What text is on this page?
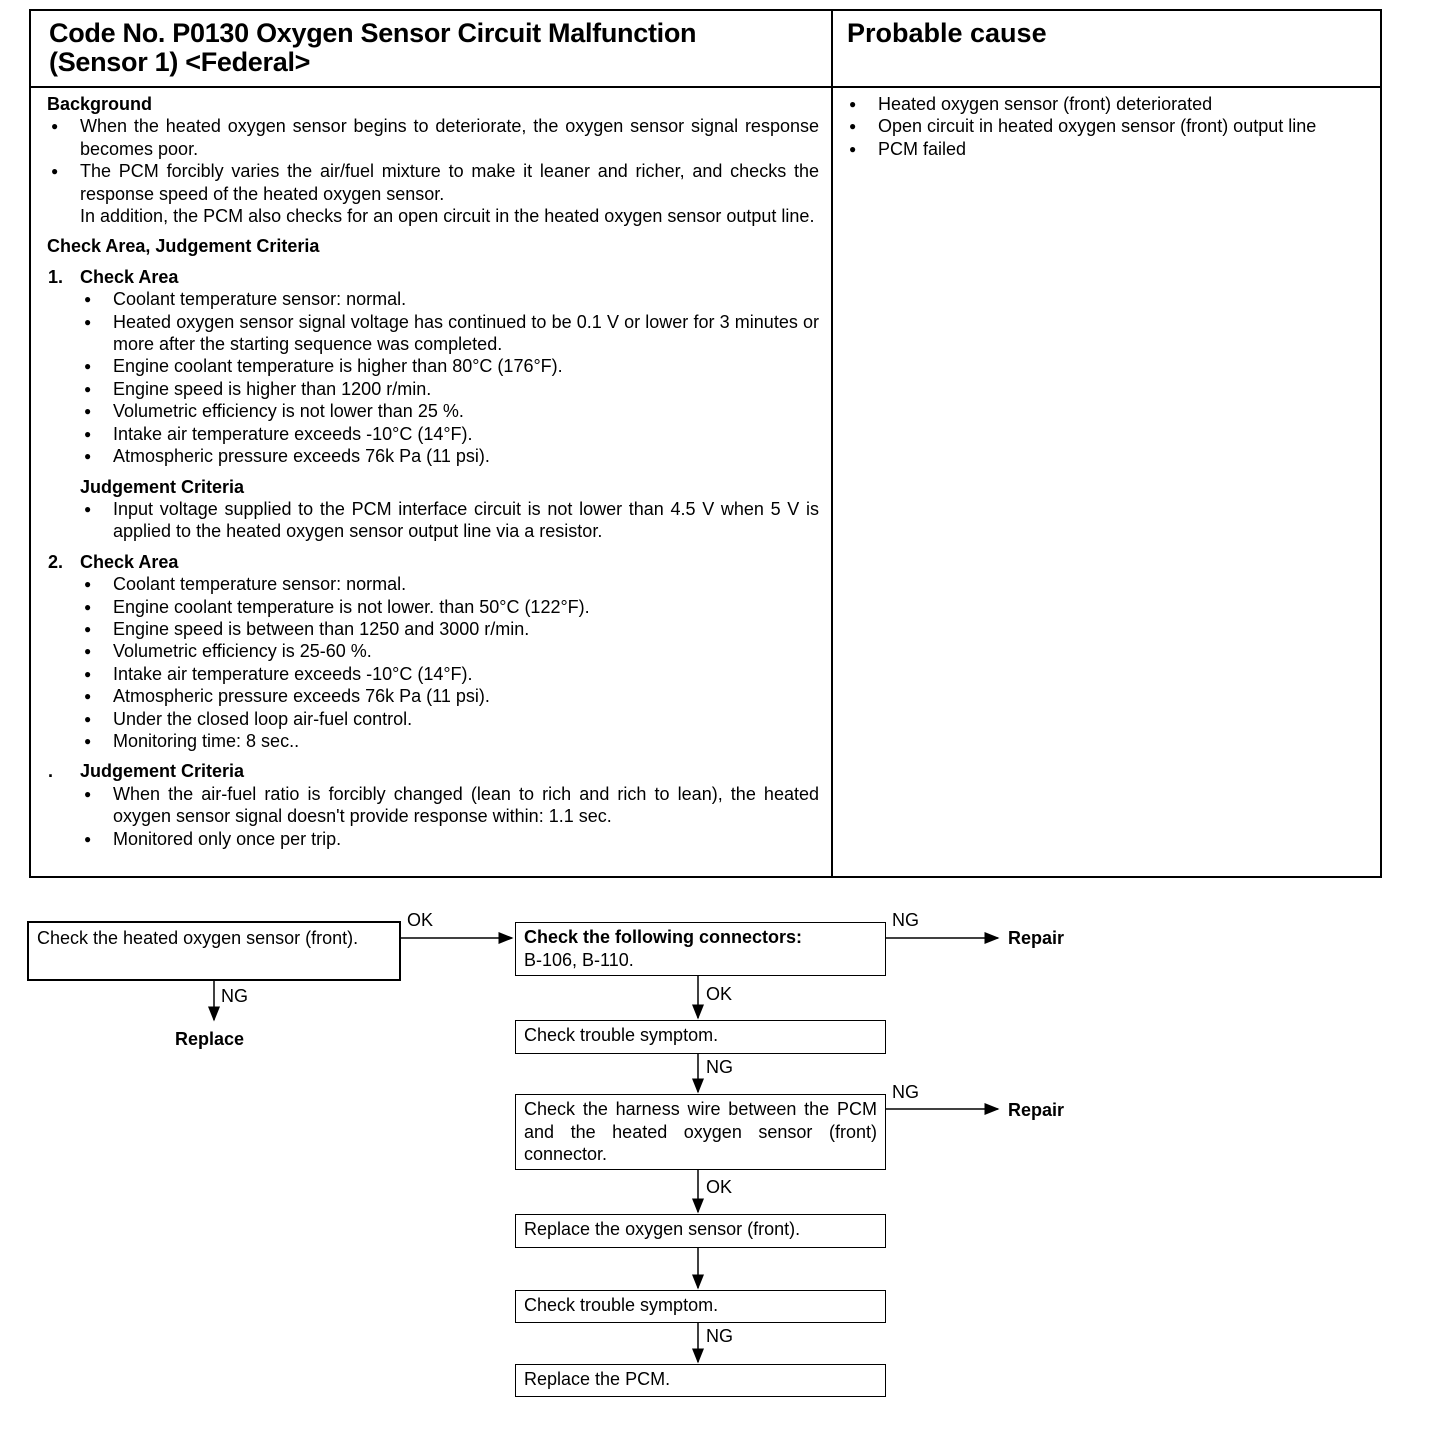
Code No. P0130 Oxygen Sensor Circuit Malfunction
(Sensor 1) <Federal>
Probable cause
Background
● When the heated oxygen sensor begins to deteriorate, the oxygen sensor signal response becomes poor.
● The PCM forcibly varies the air/fuel mixture to make it leaner and richer, and checks the response speed of the heated oxygen sensor.
In addition, the PCM also checks for an open circuit in the heated oxygen sensor output line.
Check Area, Judgement Criteria
1. Check Area
● Coolant temperature sensor: normal.
● Heated oxygen sensor signal voltage has continued to be 0.1 V or lower for 3 minutes or more after the starting sequence was completed.
● Engine coolant temperature is higher than 80°C (176°F).
● Engine speed is higher than 1200 r/min.
● Volumetric efficiency is not lower than 25 %.
● Intake air temperature exceeds -10°C (14°F).
● Atmospheric pressure exceeds 76k Pa (11 psi).
Judgement Criteria
● Input voltage supplied to the PCM interface circuit is not lower than 4.5 V when 5 V is applied to the heated oxygen sensor output line via a resistor.
2. Check Area
● Coolant temperature sensor: normal.
● Engine coolant temperature is not lower. than 50°C (122°F).
● Engine speed is between than 1250 and 3000 r/min.
● Volumetric efficiency is 25-60 %.
● Intake air temperature exceeds -10°C (14°F).
● Atmospheric pressure exceeds 76k Pa (11 psi).
● Under the closed loop air-fuel control.
● Monitoring time: 8 sec..
. Judgement Criteria
● When the air-fuel ratio is forcibly changed (lean to rich and rich to lean), the heated oxygen sensor signal doesn't provide response within: 1.1 sec.
● Monitored only once per trip.
● Heated oxygen sensor (front) deteriorated
● Open circuit in heated oxygen sensor (front) output line
● PCM failed
Check the heated oxygen sensor (front).	Check the following connectors:
B-106, B-110.
Check trouble symptom.
Check the harness wire between the PCM and the heated oxygen sensor (front) connector.
Replace the oxygen sensor (front).
Check trouble symptom.
Replace the PCM.
OK	NG
Repair
NG
Replace
OK
NG
NG
Repair
OK
NG
